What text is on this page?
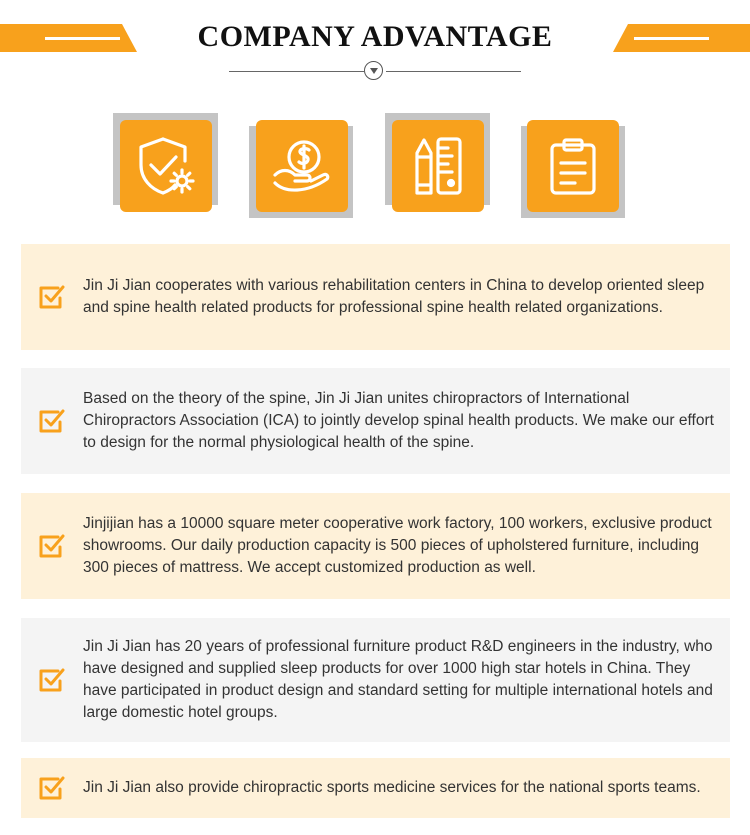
COMPANY ADVANTAGE
Jin Ji Jian cooperates with various rehabilitation centers in China to develop oriented sleep and spine health related products for professional spine health related organizations.
Based on the theory of the spine, Jin Ji Jian unites chiropractors of International Chiropractors Association (ICA) to jointly develop spinal health products. We make our effort to design for the normal physiological health of the spine.
Jinjijian has a 10000 square meter cooperative work factory, 100 workers, exclusive product showrooms. Our daily production capacity is 500 pieces of upholstered furniture, including 300 pieces of mattress. We accept customized production as well.
Jin Ji Jian has 20 years of professional furniture product R&D engineers in the industry, who have designed and supplied sleep products for over 1000 high star hotels in China. They have participated in product design and standard setting for multiple international hotels and large domestic hotel groups.
Jin Ji Jian also provide chiropractic sports medicine services for the national sports teams.
